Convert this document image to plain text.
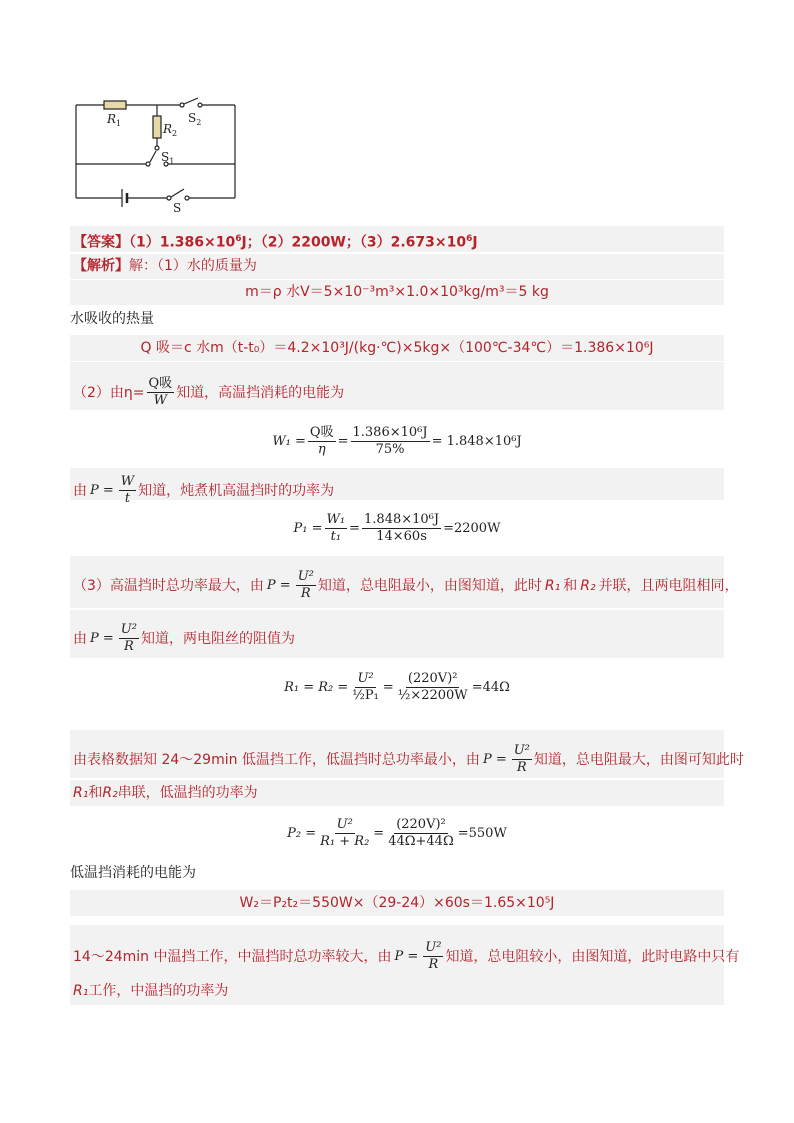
$R_1$	$R_2$
$S_2$
$S_1$
S
【答案】$(1)1.386\times 10^6J$；（2）2200W；$(3)2.673\times 10^6J$
【解析】解：（1）水的质量为
m＝ρ 水V＝5×10⁻³m³×1.0×10³kg/m³＝5 kg
水吸收的热量
Q 吸＝c 水m（t-t₀）＝4.2×10³J/(kg·℃)×5kg×（100℃-34℃）＝1.386×10⁶J
（2）由$\eta= \frac{\text{Q吸}}{W}$ 知道，高温挡消耗的电能为
$W_1 = \frac{\text{Q吸}}{\eta} = \frac{\text{1.386×10⁶J}}{75\%} = 1.848\times 10^6J$
由 $P = \frac{W}{t}$ 知道，炖煮机高温挡时的功率为
$P_1 = \frac{\text{W₁}}{\text{t₁}} = \frac{\text{1.848×10⁶J}}{14\times 60s} =2200W$
（3）高温挡时总功率最大，由 $P = \frac{\text{U²}}{R}$ 知道，总电阻最小，由图知道，此时 R₁ 和 R₂ 并联，且两电阻相同，
由 $P = \frac{\text{U²}}{R}$ 知道，两电阻丝的阻值为
$R_1 = R_2 = \frac{\text{U²}}{\text{½P₁}} = \frac{\text{(220V)²}}{\text{½×2200W}} =44\Omega$
由表格数据知 24～29min 低温挡工作，低温挡时总功率最小，由 $P = \frac{\text{U²}}{R}$ 知道，总电阻最大，由图可知此时
R₁和R₂串联，低温挡的功率为
$P_2 = \frac{\text{U²}}{\text{R₁ + R₂}} = \frac{\text{(220V)²}}{44\Omega+44\Omega} =550W$
低温挡消耗的电能为
W₂＝P₂t₂＝550W×（29-24）×60s＝1.65×10⁵J
14～24min 中温挡工作，中温挡时总功率较大，由 $P = \frac{\text{U²}}{R}$ 知道，总电阻较小，由图知道，此时电路中只有
R₁工作，中温挡的功率为
